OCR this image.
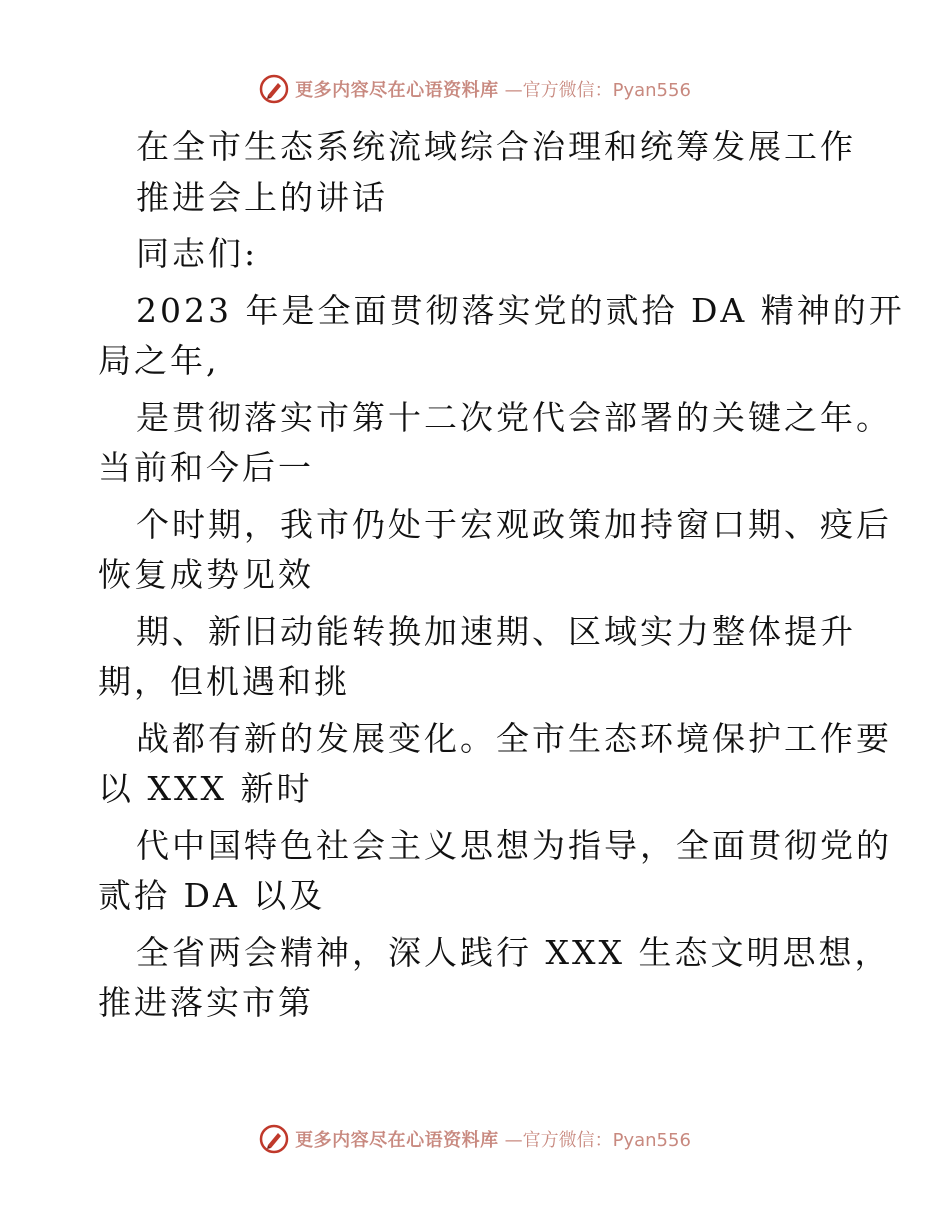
更多内容尽在心语资料库 —官方微信：Pyan556

在全市生态系统流域综合治理和统筹发展工作

推进会上的讲话

同志们:

2023 年是全面贯彻落实党的贰拾 DA 精神的开

局之年,

是贯彻落实市第十二次党代会部署的关键之年。

当前和今后一

个时期，我市仍处于宏观政策加持窗口期、疫后

恢复成势见效

期、新旧动能转换加速期、区域实力整体提升

期，但机遇和挑

战都有新的发展变化。全市生态环境保护工作要

以 XXX 新时

代中国特色社会主义思想为指导，全面贯彻党的

贰拾 DA 以及

全省两会精神，深人践行 XXX 生态文明思想，

推进落实市第

更多内容尽在心语资料库 —官方微信：Pyan556
